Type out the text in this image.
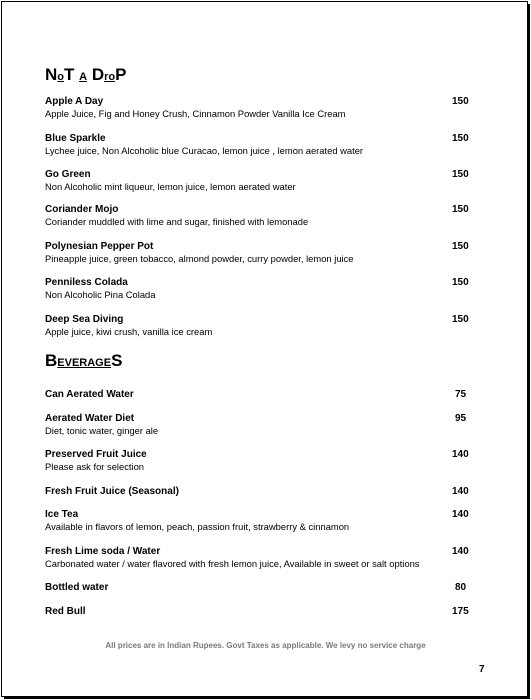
NoT A DroP
Apple A Day
Apple Juice, Fig and Honey Crush, Cinnamon Powder Vanilla Ice Cream
150
Blue Sparkle
Lychee juice, Non Alcoholic blue Curacao, lemon juice , lemon aerated water
150
Go Green
Non Alcoholic mint liqueur, lemon juice, lemon aerated water
150
Coriander Mojo
Coriander muddled with lime and sugar, finished with lemonade
150
Polynesian Pepper Pot
Pineapple juice, green tobacco, almond powder, curry powder, lemon juice
150
Penniless Colada
Non Alcoholic Pina Colada
150
Deep Sea Diving
Apple juice, kiwi crush, vanilla ice cream
150
BEVERAGES
Can Aerated Water	75
Aerated Water Diet
Diet, tonic water, ginger ale
95
Preserved Fruit Juice
Please ask for selection
140
Fresh Fruit Juice (Seasonal)	140
Ice Tea
Available in flavors of lemon, peach, passion fruit, strawberry & cinnamon
140
Fresh Lime soda / Water
Carbonated water / water flavored with fresh lemon juice, Available in sweet or salt options
140
Bottled water	80
Red Bull	175
All prices are in Indian Rupees. Govt Taxes as applicable. We levy no service charge
7
